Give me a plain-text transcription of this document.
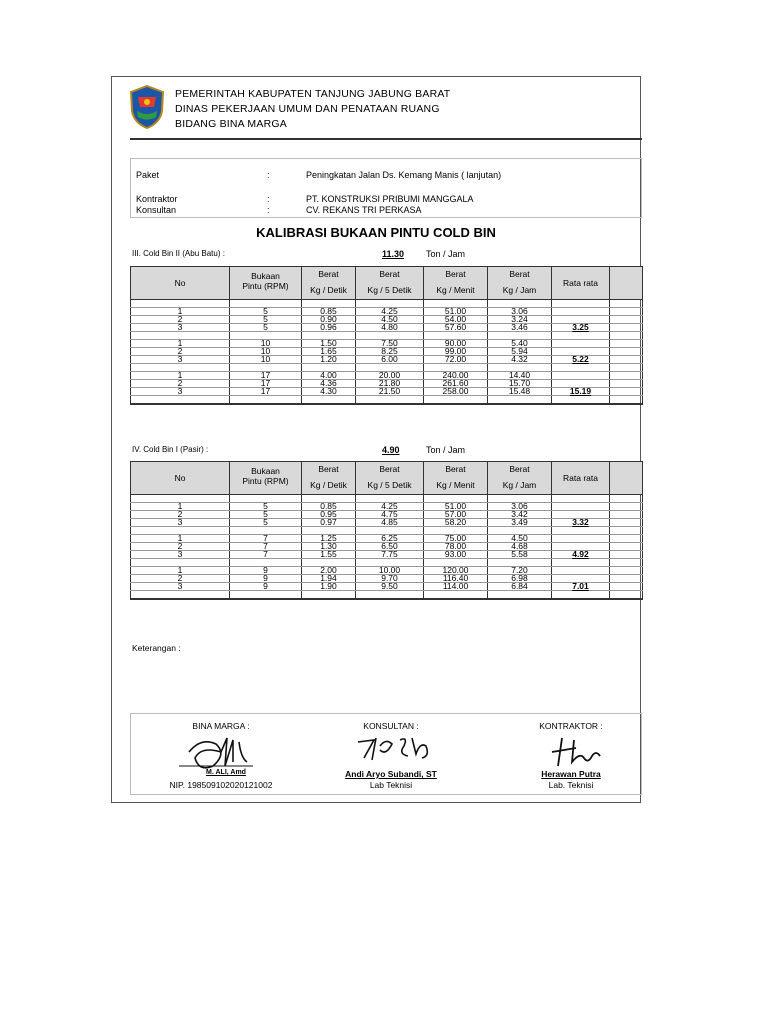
PEMERINTAH KABUPATEN TANJUNG JABUNG BARAT
DINAS PEKERJAAN UMUM DAN PENATAAN RUANG
BIDANG BINA MARGA
Paket	:	Peningkatan Jalan Ds. Kemang Manis ( lanjutan)
Kontraktor	:	PT. KONSTRUKSI PRIBUMI MANGGALA
Konsultan	:	CV. REKANS TRI PERKASA
KALIBRASI BUKAAN PINTU COLD BIN
III. Cold Bin II (Abu Batu) :	11.30 Ton / Jam
No	Bukaan	Berat	Berat	Berat	Berat	Rata rata	
	Pintu (RPM)	Kg / Detik	Kg / 5 Detik	Kg / Menit	Kg / Jam		

1	5	0.85	4.25	51.00	3.06		
2	5	0.90	4.50	54.00	3.24		
3	5	0.96	4.80	57.60	3.46	3.25	

1	10	1.50	7.50	90.00	5.40		
2	10	1.65	8.25	99.00	5.94		
3	10	1.20	6.00	72.00	4.32	5.22	

1	17	4.00	20.00	240.00	14.40		
2	17	4.36	21.80	261.60	15.70		
3	17	4.30	21.50	258.00	15.48	15.19	

IV. Cold Bin I (Pasir) :	4.90	Ton / Jam
No	Bukaan	Berat	Berat	Berat	Berat	Rata rata	
	Pintu (RPM)	Kg / Detik	Kg / 5 Detik	Kg / Menit	Kg / Jam		

1	5	0.85	4.25	51.00	3.06		
2	5	0.95	4.75	57.00	3.42		
3	5	0.97	4.85	58.20	3.49	3.32	

1	7	1.25	6.25	75.00	4.50		
2	7	1.30	6.50	78.00	4.68		
3	7	1.55	7.75	93.00	5.58	4.92	

1	9	2.00	10.00	120.00	7.20		
2	9	1.94	9.70	116.40	6.98		
3	9	1.90	9.50	114.00	6.84	7.01	

Keterangan :
BINA MARGA :	KONSULTAN :	KONTRAKTOR :
M. ALI, Amd
NIP. 198509102020121002
Andi Aryo Subandi, ST
Lab Teknisi
Herawan Putra
Lab. Teknisi
